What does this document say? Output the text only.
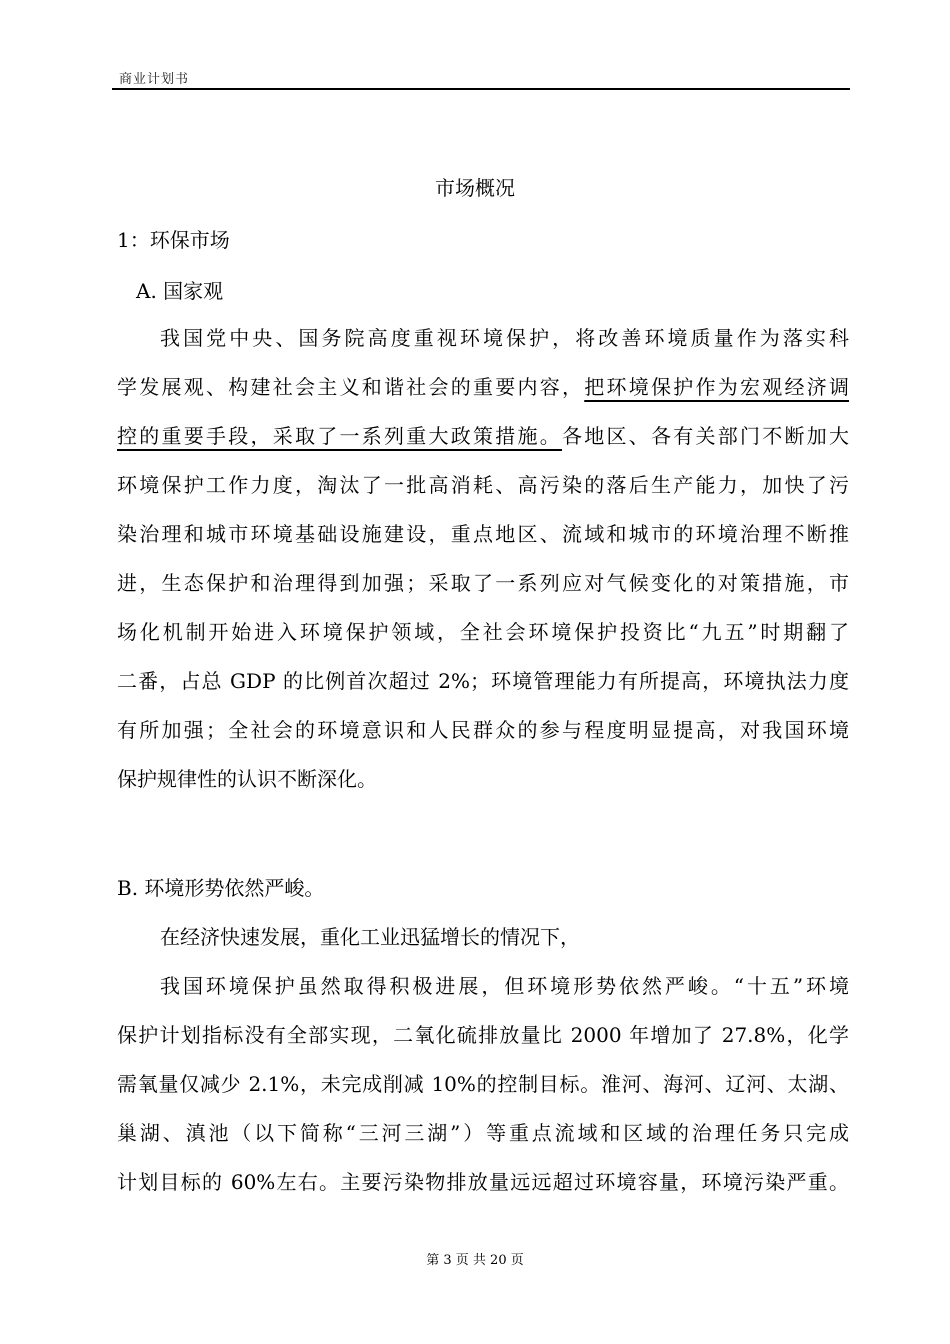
商业计划书
市场概况
1：环保市场
A. 国家观
我国党中央、国务院高度重视环境保护，将改善环境质量作为落实科
学发展观、构建社会主义和谐社会的重要内容，把环境保护作为宏观经济调
控的重要手段，采取了一系列重大政策措施。各地区、各有关部门不断加大
环境保护工作力度，淘汰了一批高消耗、高污染的落后生产能力，加快了污
染治理和城市环境基础设施建设，重点地区、流域和城市的环境治理不断推
进，生态保护和治理得到加强；采取了一系列应对气候变化的对策措施，市
场化机制开始进入环境保护领域，全社会环境保护投资比“九五”时期翻了
二番，占总 GDP 的比例首次超过 2%；环境管理能力有所提高，环境执法力度
有所加强；全社会的环境意识和人民群众的参与程度明显提高，对我国环境
保护规律性的认识不断深化。
B. 环境形势依然严峻。
在经济快速发展，重化工业迅猛增长的情况下，
我国环境保护虽然取得积极进展，但环境形势依然严峻。“十五”环境
保护计划指标没有全部实现，二氧化硫排放量比 2000 年增加了 27.8%，化学
需氧量仅减少 2.1%，未完成削减 10%的控制目标。淮河、海河、辽河、太湖、
巢湖、滇池（以下简称“三河三湖”）等重点流域和区域的治理任务只完成
计划目标的 60%左右。主要污染物排放量远远超过环境容量，环境污染严重。
第 3 页 共 20 页
